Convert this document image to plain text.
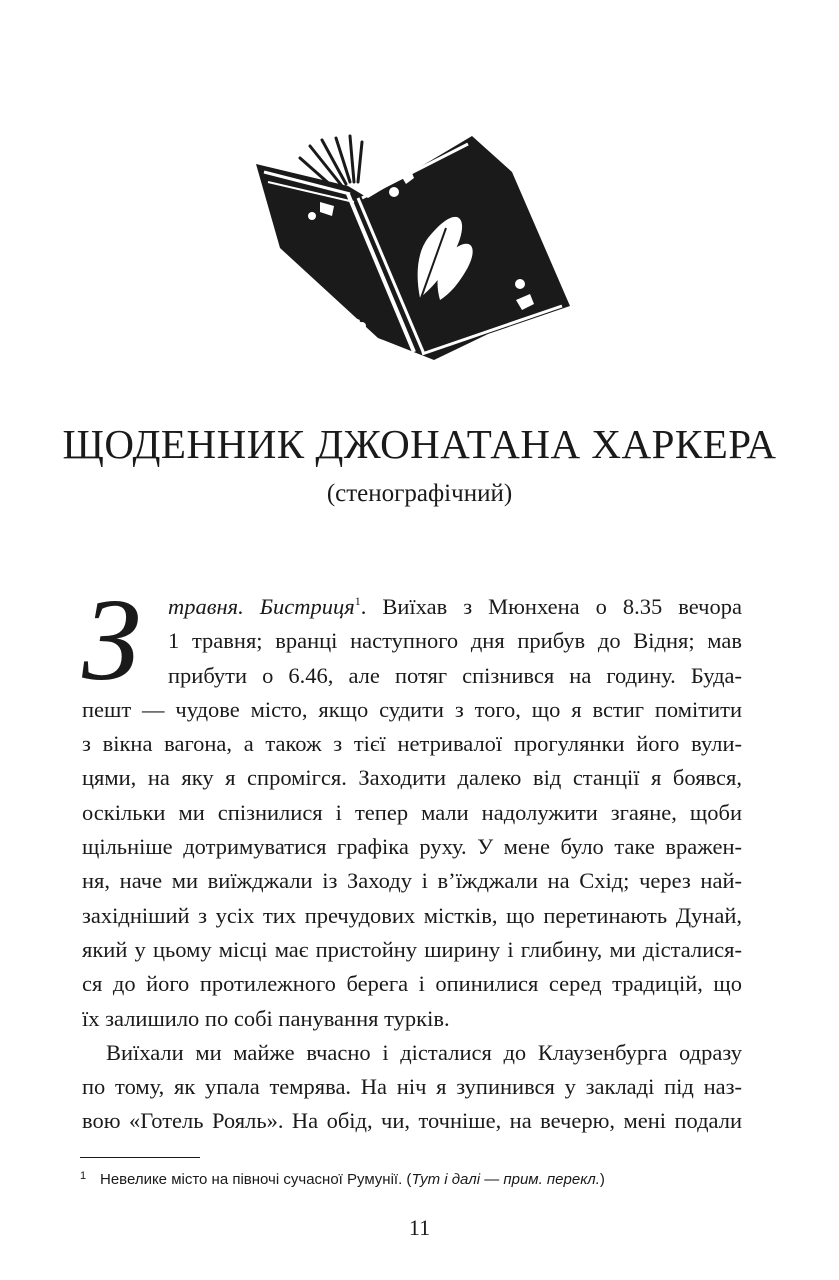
ЩОДЕННИК ДЖОНАТАНА ХАРКЕРА

(стенографічний)

З	травня. Бистриця$^1$. Виїхав з Мюнхена о 8.35 вечора
1 травня; вранці наступного дня прибув до Відня; мав
прибути о 6.46, але потяг спізнився на годину. Буда-
пешт — чудове місто, якщо судити з того, що я встиг помітити
з вікна вагона, а також з тієї нетривалої прогулянки його вули-
цями, на яку я спромігся. Заходити далеко від станції я боявся,
оскільки ми спізнилися і тепер мали надолужити згаяне, щоби
щільніше дотримуватися графіка руху. У мене було таке вражен-
ня, наче ми виїжджали із Заходу і в’їжджали на Схід; через най-
західніший з усіх тих пречудових містків, що перетинають Дунай,
який у цьому місці має пристойну ширину і глибину, ми дісталися-
ся до його протилежного берега і опинилися серед традицій, що
їх залишило по собі панування турків.
Виїхали ми майже вчасно і дісталися до Клаузенбурга одразу
по тому, як упала темрява. На ніч я зупинився у закладі під наз-
вою «Готель Рояль». На обід, чи, точніше, на вечерю, мені подали
1 Невелике місто на півночі сучасної Румунії. (Тут і далі — прим. перекл.)
11
